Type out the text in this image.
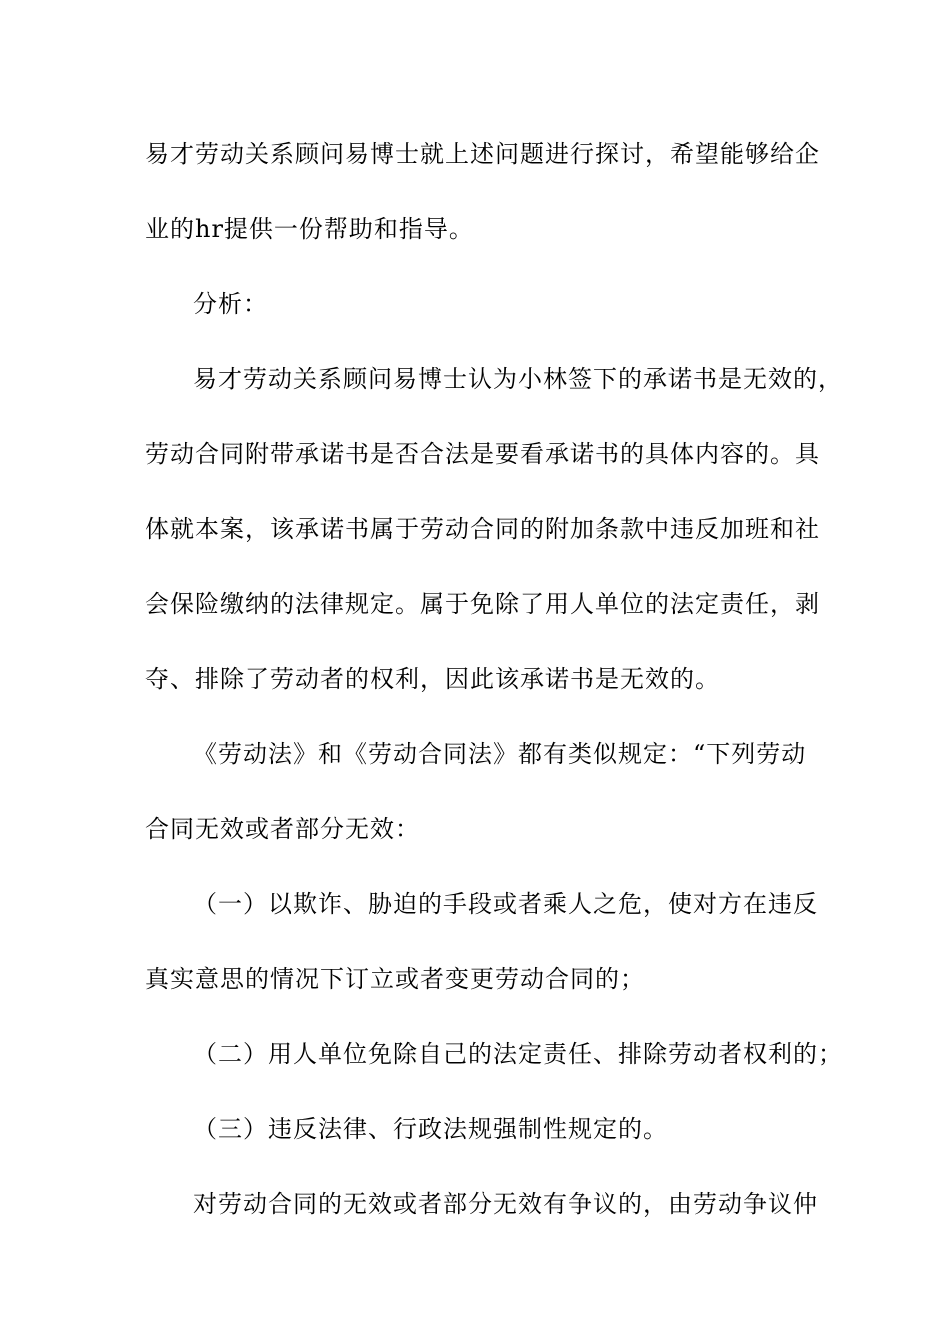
易才劳动关系顾问易博士就上述问题进行探讨，希望能够给企
业的hr提供一份帮助和指导。
分析：
易才劳动关系顾问易博士认为小林签下的承诺书是无效的，
劳动合同附带承诺书是否合法是要看承诺书的具体内容的。具
体就本案，该承诺书属于劳动合同的附加条款中违反加班和社
会保险缴纳的法律规定。属于免除了用人单位的法定责任，剥
夺、排除了劳动者的权利，因此该承诺书是无效的。
《劳动法》和《劳动合同法》都有类似规定：“下列劳动
合同无效或者部分无效：
（一）以欺诈、胁迫的手段或者乘人之危，使对方在违反
真实意思的情况下订立或者变更劳动合同的；
（二）用人单位免除自己的法定责任、排除劳动者权利的；
（三）违反法律、行政法规强制性规定的。
对劳动合同的无效或者部分无效有争议的，由劳动争议仲
